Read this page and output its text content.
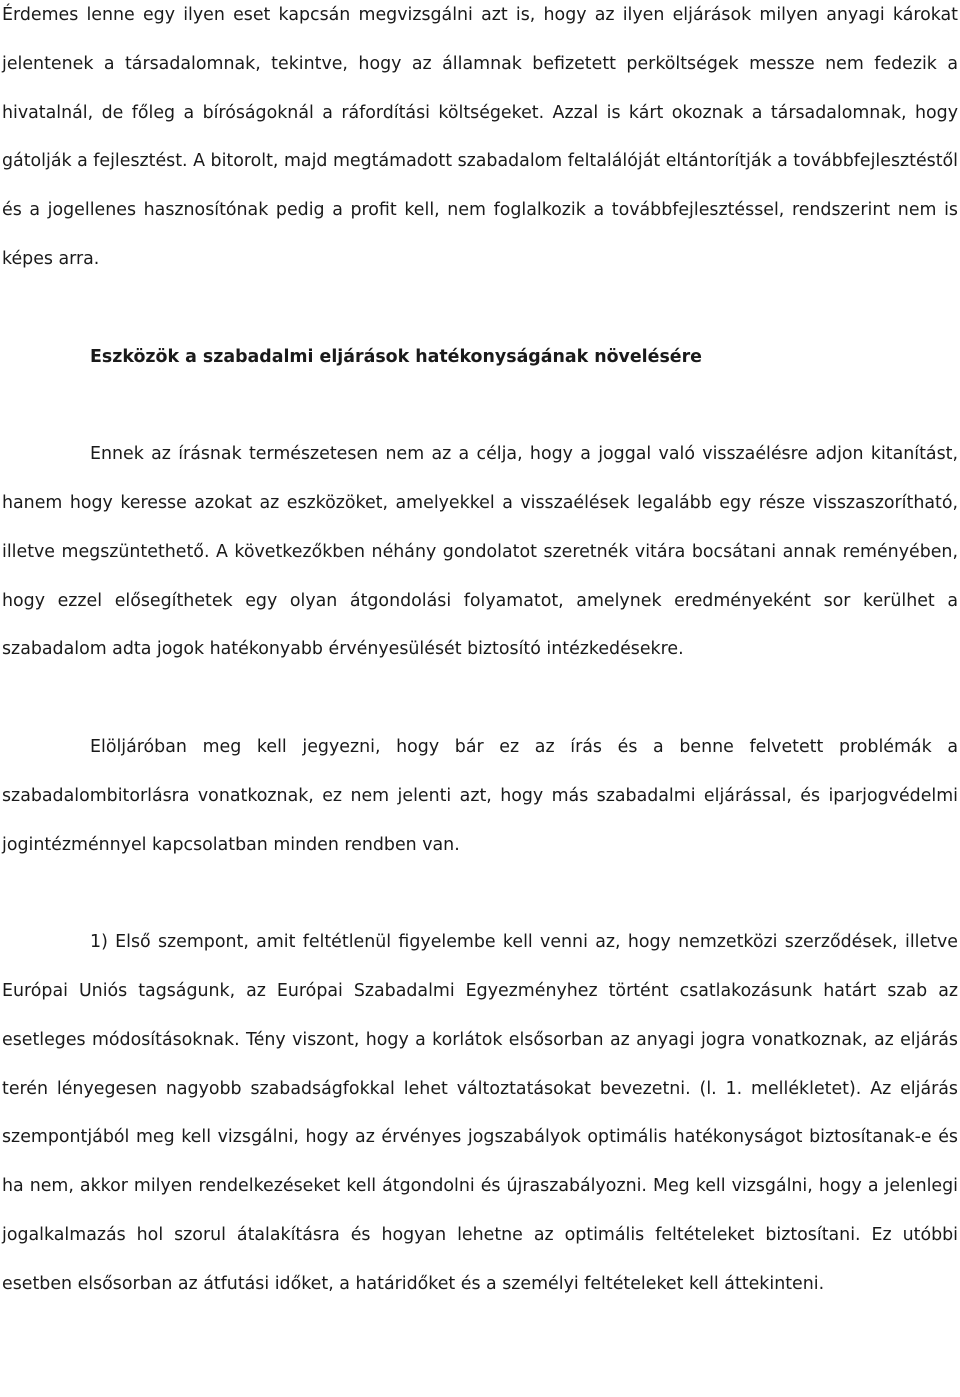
Érdemes lenne egy ilyen eset kapcsán megvizsgálni azt is, hogy az ilyen eljárások milyen anyagi károkat jelentenek a társadalomnak, tekintve, hogy az államnak befizetett perköltségek messze nem fedezik a hivatalnál, de főleg a bíróságoknál a ráfordítási költségeket. Azzal is kárt okoznak a társadalomnak, hogy gátolják a fejlesztést. A bitorolt, majd megtámadott szabadalom feltalálóját eltántorítják a továbbfejlesztéstől és a jogellenes hasznosítónak pedig a profit kell, nem foglalkozik a továbbfejlesztéssel, rendszerint nem is képes arra.

Eszközök a szabadalmi eljárások hatékonyságának növelésére

Ennek az írásnak természetesen nem az a célja, hogy a joggal való visszaélésre adjon kitanítást, hanem hogy keresse azokat az eszközöket, amelyekkel a visszaélések legalább egy része visszaszorítható, illetve megszüntethető. A következőkben néhány gondolatot szeretnék vitára bocsátani annak reményében, hogy ezzel elősegíthetek egy olyan átgondolási folyamatot, amelynek eredményeként sor kerülhet a szabadalom adta jogok hatékonyabb érvényesülését biztosító intézkedésekre.

Elöljáróban meg kell jegyezni, hogy bár ez az írás és a benne felvetett problémák a szabadalombitorlásra vonatkoznak, ez nem jelenti azt, hogy más szabadalmi eljárással, és iparjogvédelmi jogintézménnyel kapcsolatban minden rendben van.

1) Első szempont, amit feltétlenül figyelembe kell venni az, hogy nemzetközi szerződések, illetve Európai Uniós tagságunk, az Európai Szabadalmi Egyezményhez történt csatlakozásunk határt szab az esetleges módosításoknak. Tény viszont, hogy a korlátok elsősorban az anyagi jogra vonatkoznak, az eljárás terén lényegesen nagyobb szabadságfokkal lehet változtatásokat bevezetni. (l. 1. mellékletet). Az eljárás szempontjából meg kell vizsgálni, hogy az érvényes jogszabályok optimális hatékonyságot biztosítanak-e és ha nem, akkor milyen rendelkezéseket kell átgondolni és újraszabályozni. Meg kell vizsgálni, hogy a jelenlegi jogalkalmazás hol szorul átalakításra és hogyan lehetne az optimális feltételeket biztosítani. Ez utóbbi esetben elsősorban az átfutási időket, a határidőket és a személyi feltételeket kell áttekinteni.
